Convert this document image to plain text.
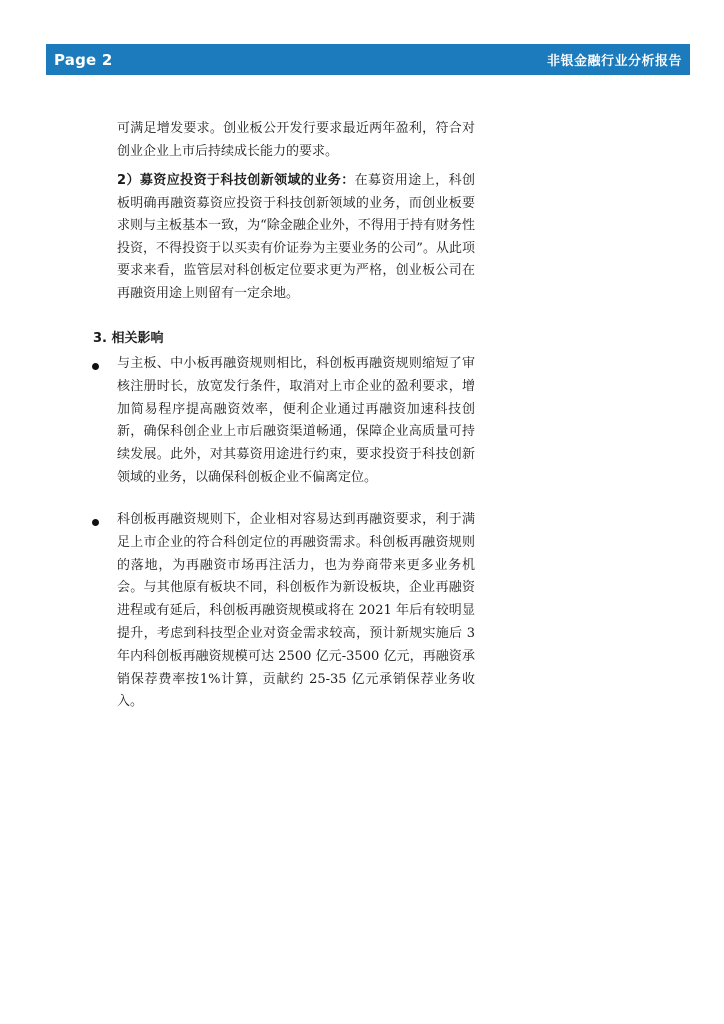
Page 2	非银金融行业分析报告

可满足增发要求。创业板公开发行要求最近两年盈利，符合对创业企业上市后持续成长能力的要求。

2）募资应投资于科技创新领域的业务：在募资用途上，科创板明确再融资募资应投资于科技创新领域的业务，而创业板要求则与主板基本一致，为“除金融企业外，不得用于持有财务性投资，不得投资于以买卖有价证券为主要业务的公司”。从此项要求来看，监管层对科创板定位要求更为严格，创业板公司在再融资用途上则留有一定余地。

3. 相关影响

与主板、中小板再融资规则相比，科创板再融资规则缩短了审核注册时长，放宽发行条件，取消对上市企业的盈利要求，增加简易程序提高融资效率，便利企业通过再融资加速科技创新，确保科创企业上市后融资渠道畅通，保障企业高质量可持续发展。此外，对其募资用途进行约束，要求投资于科技创新领域的业务，以确保科创板企业不偏离定位。

科创板再融资规则下，企业相对容易达到再融资要求，利于满足上市企业的符合科创定位的再融资需求。科创板再融资规则的落地，为再融资市场再注活力，也为券商带来更多业务机会。与其他原有板块不同，科创板作为新设板块，企业再融资进程或有延后，科创板再融资规模或将在 2021 年后有较明显提升，考虑到科技型企业对资金需求较高，预计新规实施后 3 年内科创板再融资规模可达 2500 亿元-3500 亿元，再融资承销保荐费率按1%计算，贡献约 25-35 亿元承销保荐业务收入。
